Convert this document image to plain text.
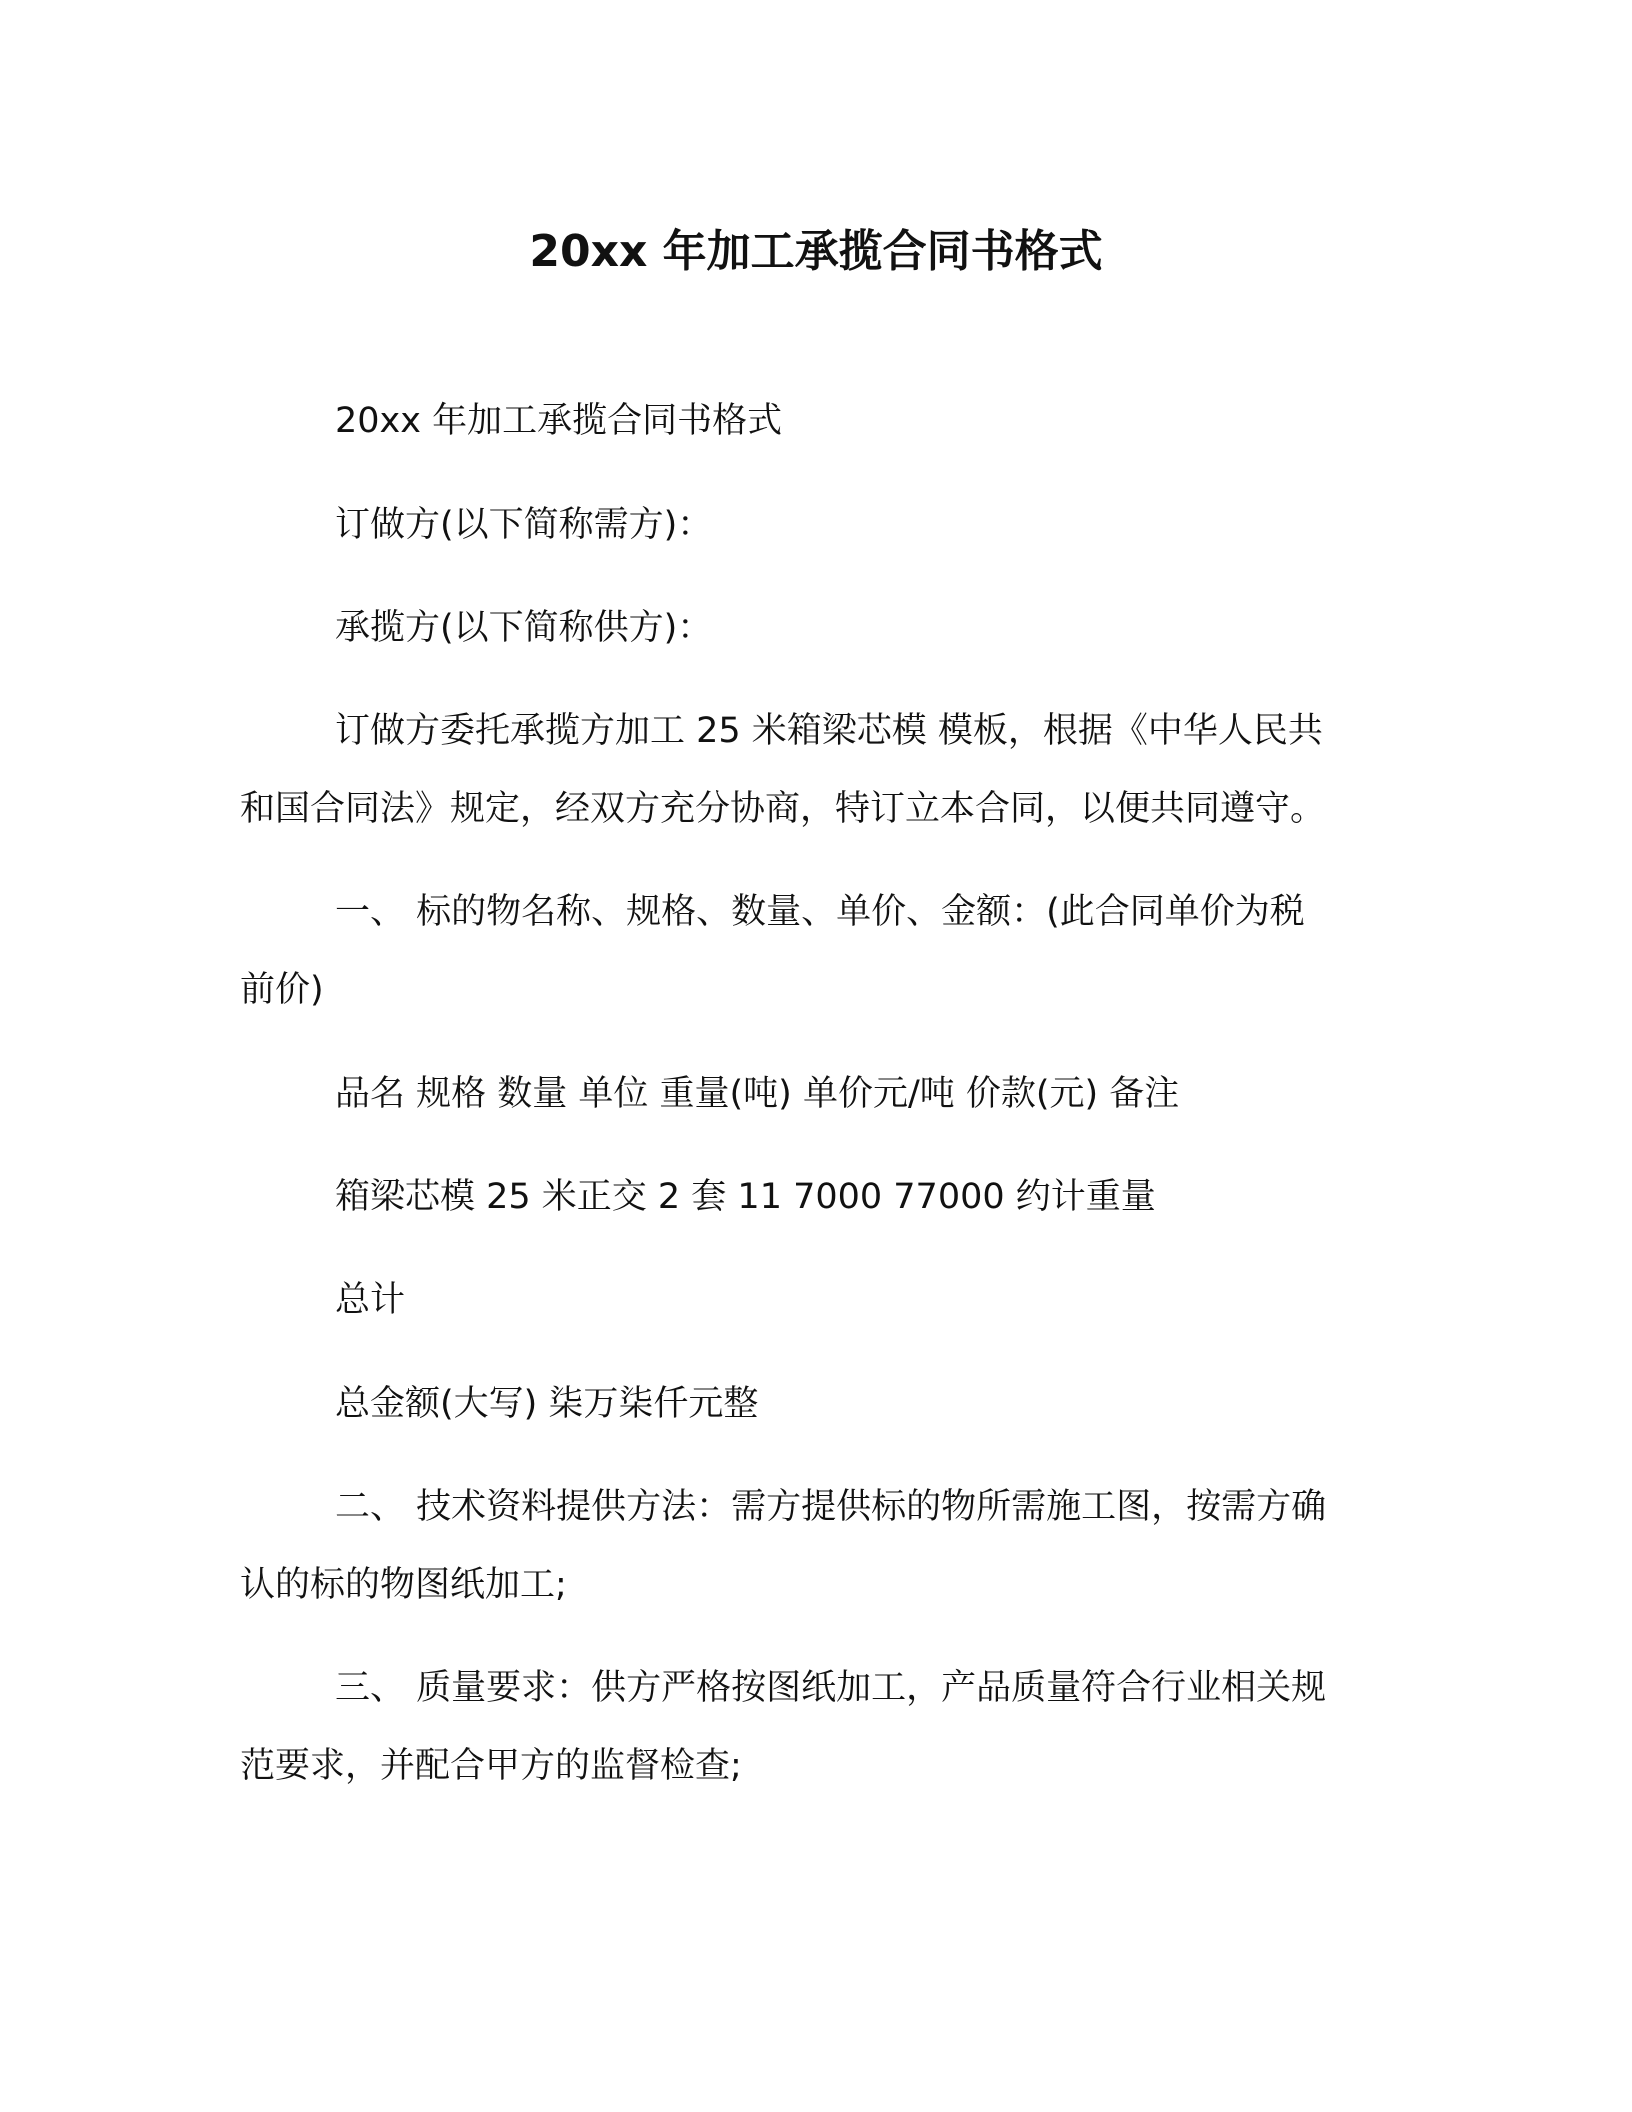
20xx 年加工承揽合同书格式
20xx 年加工承揽合同书格式
订做方(以下简称需方)：
承揽方(以下简称供方)：
订做方委托承揽方加工 25 米箱梁芯模 模板，根据《中华人民共
和国合同法》规定，经双方充分协商，特订立本合同，以便共同遵守。
一、 标的物名称、规格、数量、单价、金额：(此合同单价为税
前价)
品名 规格 数量 单位 重量(吨) 单价元/吨 价款(元) 备注
箱梁芯模 25 米正交 2 套 11 7000 77000 约计重量
总计
总金额(大写) 柒万柒仟元整
二、 技术资料提供方法：需方提供标的物所需施工图，按需方确
认的标的物图纸加工;
三、 质量要求：供方严格按图纸加工，产品质量符合行业相关规
范要求，并配合甲方的监督检查;
